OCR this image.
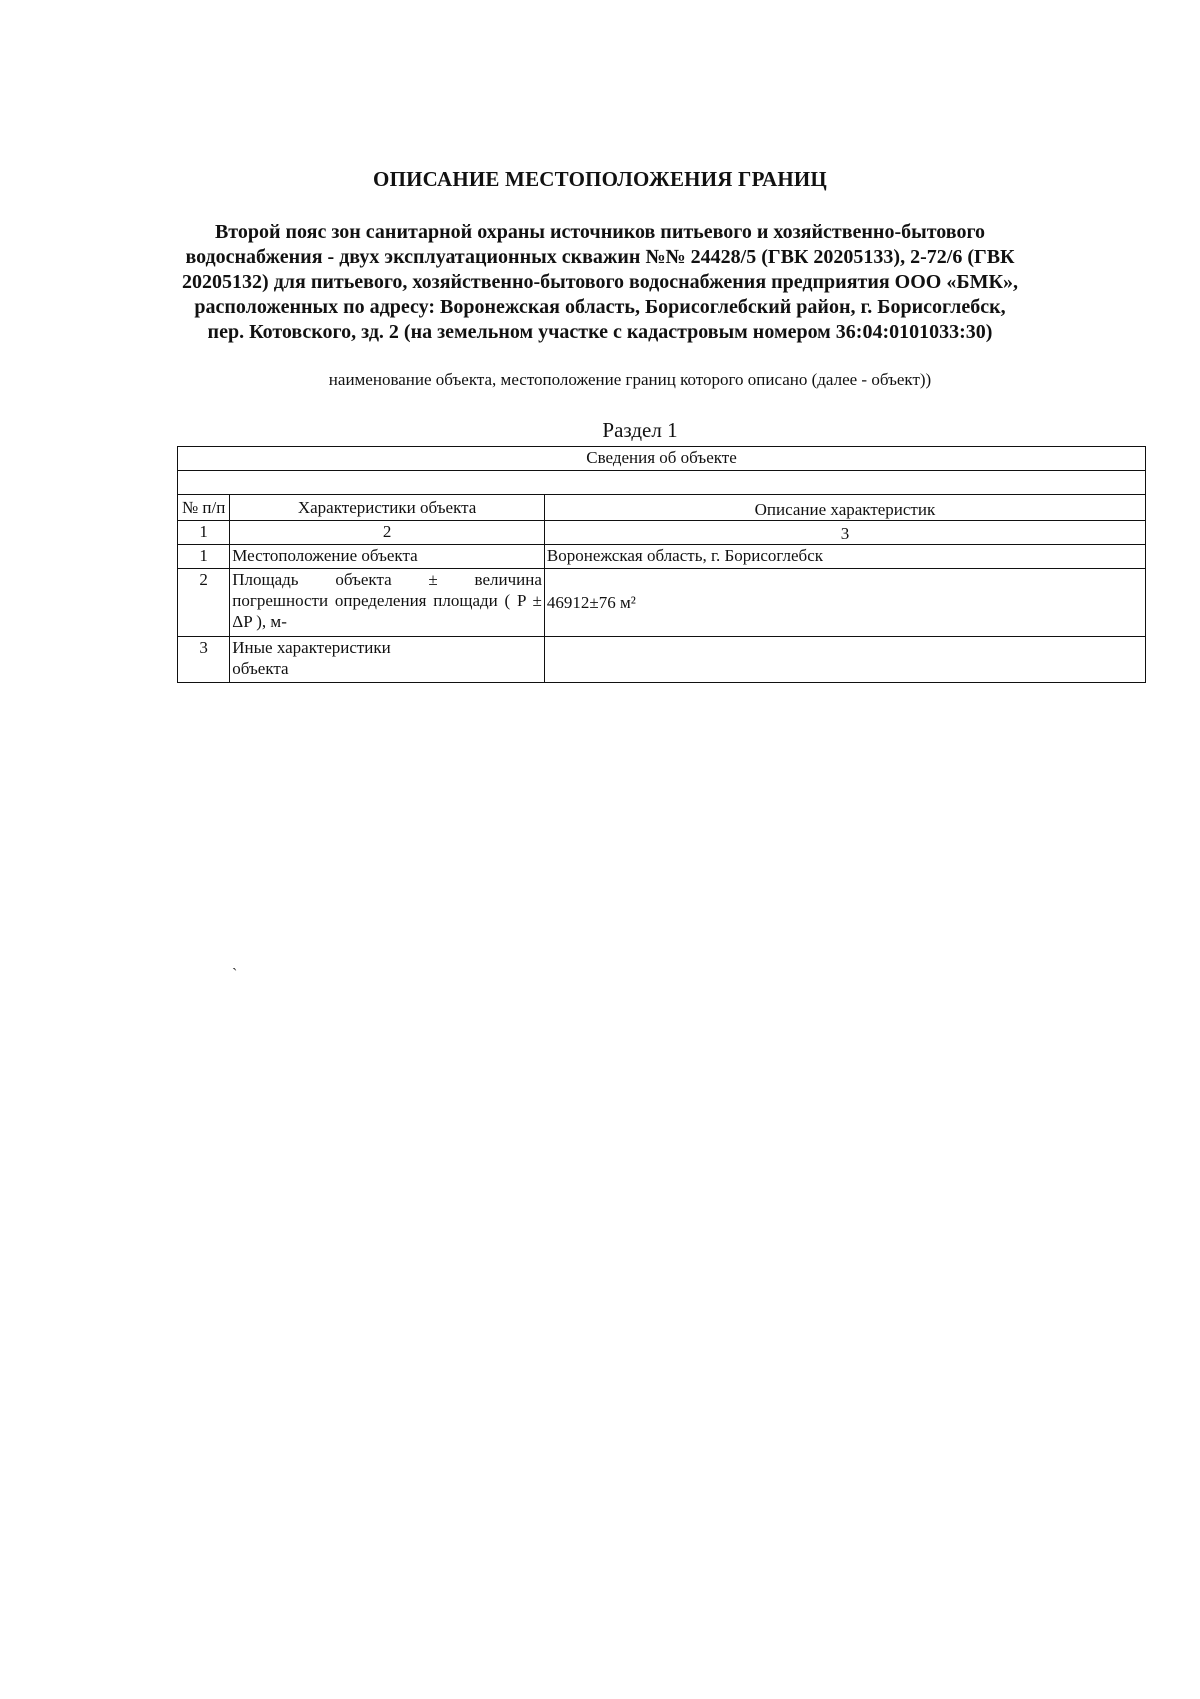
ОПИСАНИЕ МЕСТОПОЛОЖЕНИЯ ГРАНИЦ
Второй пояс зон санитарной охраны источников питьевого и хозяйственно-бытового водоснабжения - двух эксплуатационных скважин №№ 24428/5 (ГВК 20205133), 2-72/6 (ГВК 20205132) для питьевого, хозяйственно-бытового водоснабжения предприятия ООО «БМК», расположенных по адресу: Воронежская область, Борисоглебский район, г. Борисоглебск, пер. Котовского, зд. 2 (на земельном участке с кадастровым номером 36:04:0101033:30)
наименование объекта, местоположение границ которого описано (далее - объект))
Раздел 1
Сведения об объекте		

№ п/п	Характеристики объекта	Описание характеристик
1	2	3
1	Местоположение объекта	Воронежская область, г. Борисоглебск
2	Площадь объекта ± величина погрешности определения площади ( P ± ΔP ), м-	46912±76 м²
3	Иные характеристики объекта	
`
